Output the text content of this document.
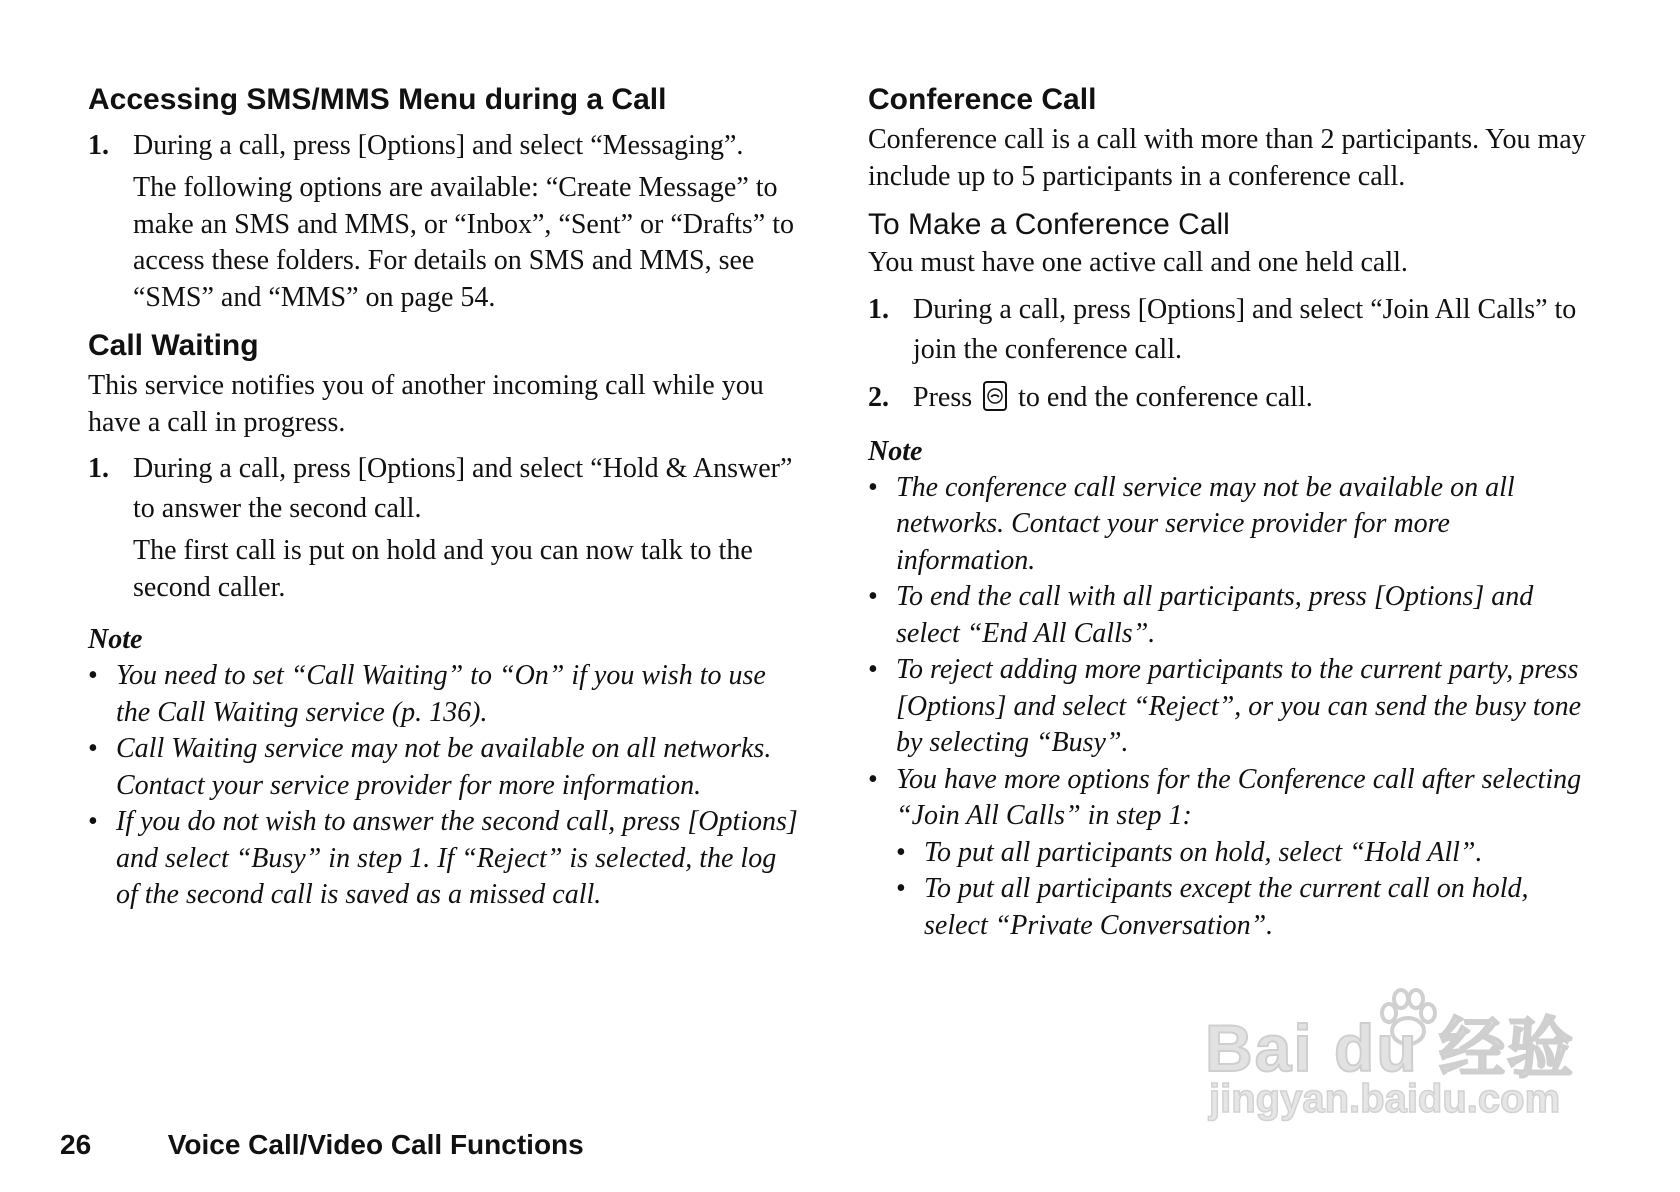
Accessing SMS/MMS Menu during a Call
1. During a call, press [Options] and select “Messaging”.
The following options are available: “Create Message” to make an SMS and MMS, or “Inbox”, “Sent” or “Drafts” to access these folders. For details on SMS and MMS, see “SMS” and “MMS” on page 54.
Call Waiting

This service notifies you of another incoming call while you have a call in progress.

1. During a call, press [Options] and select “Hold & Answer” to answer the second call.
The first call is put on hold and you can now talk to the second caller.
Note
• You need to set “Call Waiting” to “On” if you wish to use the Call Waiting service (p. 136).
• Call Waiting service may not be available on all networks. Contact your service provider for more information.
• If you do not wish to answer the second call, press [Options] and select “Busy” in step 1. If “Reject” is selected, the log of the second call is saved as a missed call.
Conference Call

Conference call is a call with more than 2 participants. You may include up to 5 participants in a conference call.

To Make a Conference Call

You must have one active call and one held call.

1. During a call, press [Options] and select “Join All Calls” to join the conference call.
2. Press to end the conference call.
Note
• The conference call service may not be available on all networks. Contact your service provider for more information.
• To end the call with all participants, press [Options] and select “End All Calls”.
• To reject adding more participants to the current party, press [Options] and select “Reject”, or you can send the busy tone by selecting “Busy”.
• You have more options for the Conference call after selecting “Join All Calls” in step 1:
• To put all participants on hold, select “Hold All”.
• To put all participants except the current call on hold, select “Private Conversation”.
26	Voice Call/Video Call Functions
Bai du 经验
jingyan.baidu.com
